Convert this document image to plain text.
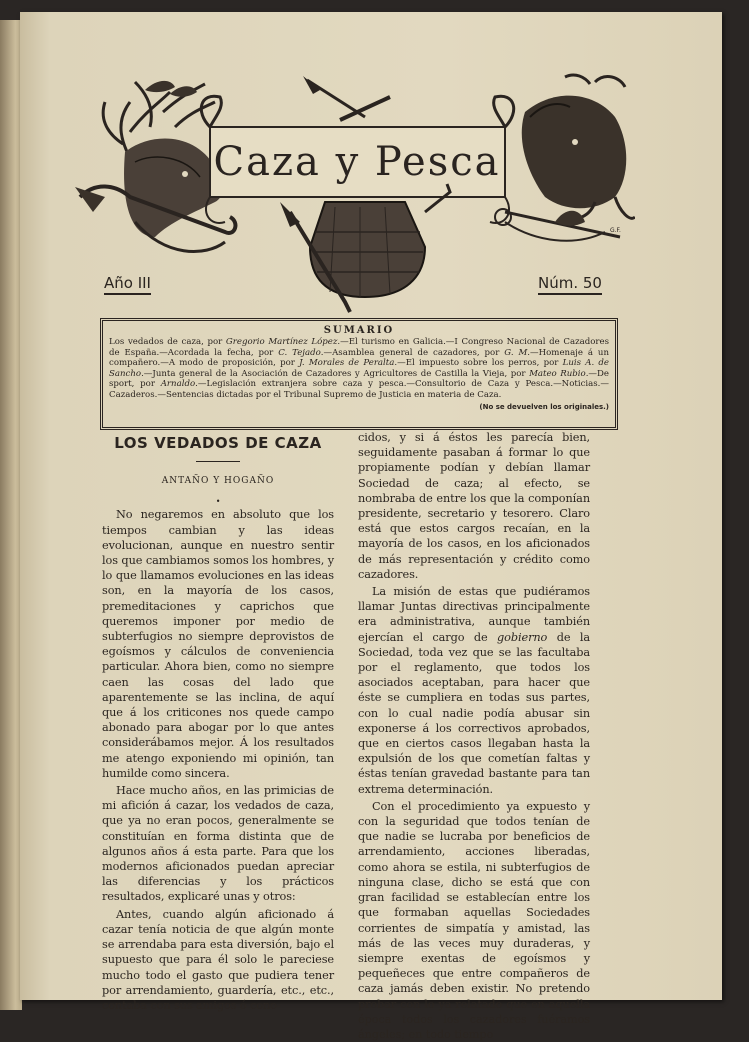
G.F.
Caza y Pesca
Año III	Núm. 50
SUMARIO
Los vedados de caza, por Gregorio Martínez López.—El turismo en Galicia.—I Congreso Nacional de Cazadores de España.—Acordada la fecha, por C. Tejado.—Asamblea general de cazadores, por G. M.—Homenaje á un compañero.—A modo de proposición, por J. Morales de Peralta.—El impuesto sobre los perros, por Luis A. de Sancho.—Junta general de la Asociación de Cazadores y Agricultores de Castilla la Vieja, por Mateo Rubio.—De sport, por Arnaldo.—Legislación extranjera sobre caza y pesca.—Consultorio de Caza y Pesca.—Noticias.—Cazaderos.—Sentencias dictadas por el Tribunal Supremo de Justicia en materia de Caza.
(No se devuelven los originales.)
LOS VEDADOS DE CAZA
ANTAÑO Y HOGAÑO
•

No negaremos en absoluto que los tiempos cambian y las ideas evolucionan, aunque en nuestro sentir los que cambiamos somos los hombres, y lo que llamamos evoluciones en las ideas son, en la mayoría de los casos, premeditaciones y caprichos que queremos imponer por medio de subterfugios no siempre deprovistos de egoísmos y cálculos de conveniencia particular. Ahora bien, como no siempre caen las cosas del lado que aparentemente se las inclina, de aquí que á los criticones nos quede campo abonado para abogar por lo que antes considerábamos mejor. Á los resultados me atengo exponiendo mi opinión, tan humilde como sincera.

Hace mucho años, en las primicias de mi afición á cazar, los vedados de caza, que ya no eran pocos, generalmente se constituían en forma distinta que de algunos años á esta parte. Para que los modernos aficionados puedan apreciar las diferencias y los prácticos resultados, explicaré unas y otros:

Antes, cuando algún aficionado á cazar tenía noticia de que algún monte se arrendaba para esta diversión, bajo el supuesto que para él solo le pareciese mucho todo el gasto que pudiera tener por arrendamiento, guardería, etc., etc., contaba con sus amigos ó cono-

cidos, y si á éstos les parecía bien, seguidamente pasaban á formar lo que propiamente podían y debían llamar Sociedad de caza; al efecto, se nombraba de entre los que la componían presidente, secretario y tesorero. Claro está que estos cargos recaían, en la mayoría de los casos, en los aficionados de más representación y crédito como cazadores.

La misión de estas que pudiéramos llamar Juntas directivas principalmente era administrativa, aunque también ejercían el cargo de gobierno de la Sociedad, toda vez que se las facultaba por el reglamento, que todos los asociados aceptaban, para hacer que éste se cumpliera en todas sus partes, con lo cual nadie podía abusar sin exponerse á los correctivos aprobados, que en ciertos casos llegaban hasta la expulsión de los que cometían faltas y éstas tenían gravedad bastante para tan extrema determinación.

Con el procedimiento ya expuesto y con la seguridad que todos tenían de que nadie se lucraba por beneficios de arrendamiento, acciones liberadas, como ahora se estila, ni subterfugios de ninguna clase, dicho se está que con gran facilidad se establecían entre los que formaban aquellas Sociedades corrientes de simpatía y amistad, las más de las veces muy duraderas, y siempre exentas de egoísmos y pequeñeces que entre compañeros de caza jamás deben existir. No pretendo probar con lo ya relatado que en aquella época todos los cazadores fuéramos ángeles; en todo tiempo
